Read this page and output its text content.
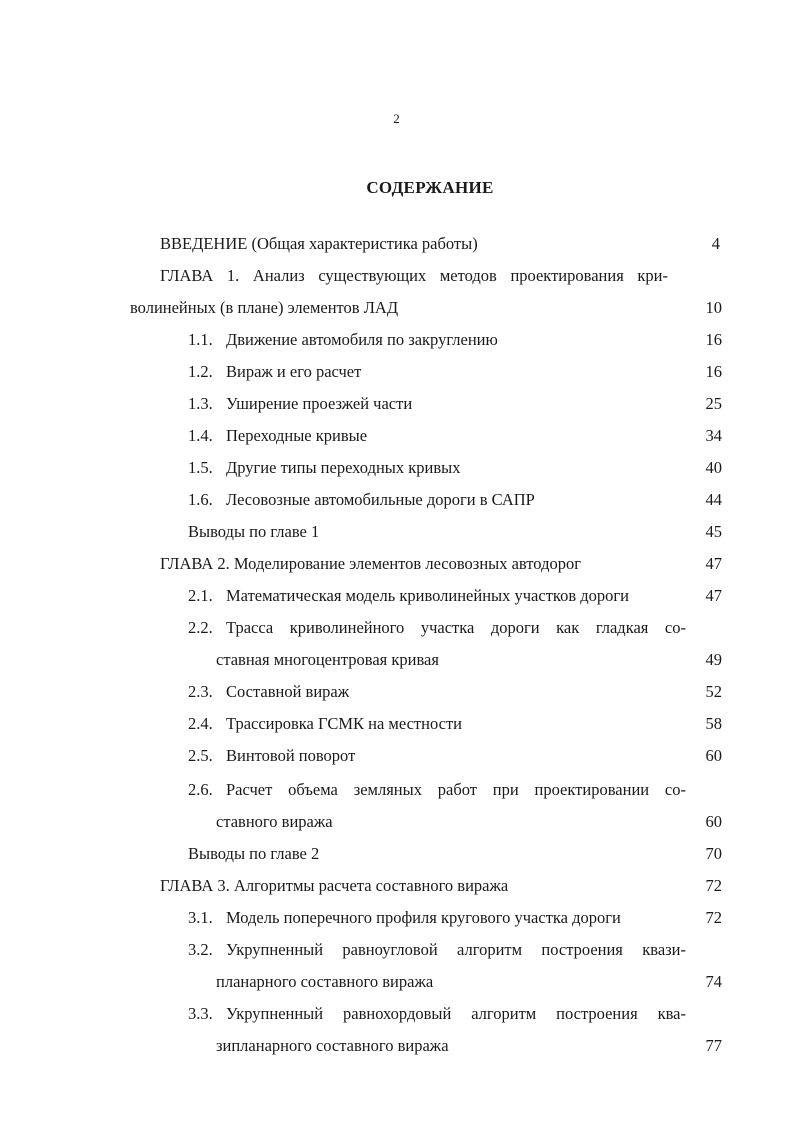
2
СОДЕРЖАНИЕ
ВВЕДЕНИЕ (Общая характеристика работы)	4
ГЛАВА 1. Анализ существующих методов проектирования кри-
волинейных (в плане) элементов ЛАД	10
1.1. Движение автомобиля по закруглению	16
1.2. Вираж и его расчет	16
1.3. Уширение проезжей части	25
1.4. Переходные кривые	34
1.5. Другие типы переходных кривых	40
1.6. Лесовозные автомобильные дороги в САПР	44
Выводы по главе 1	45
ГЛАВА 2. Моделирование элементов лесовозных автодорог	47
2.1. Математическая модель криволинейных участков дороги	47
2.2. Трасса криволинейного участка дороги как гладкая со-
ставная многоцентровая кривая	49
2.3. Составной вираж	52
2.4. Трассировка ГСМК на местности	58
2.5. Винтовой поворот	60
2.6. Расчет объема земляных работ при проектировании со-
ставного виража	60
Выводы по главе 2	70
ГЛАВА 3. Алгоритмы расчета составного виража	72
3.1. Модель поперечного профиля кругового участка дороги	72
3.2. Укрупненный равноугловой алгоритм построения квази-
планарного составного виража	74
3.3. Укрупненный равнохордовый алгоритм построения ква-
зипланарного составного виража	77
